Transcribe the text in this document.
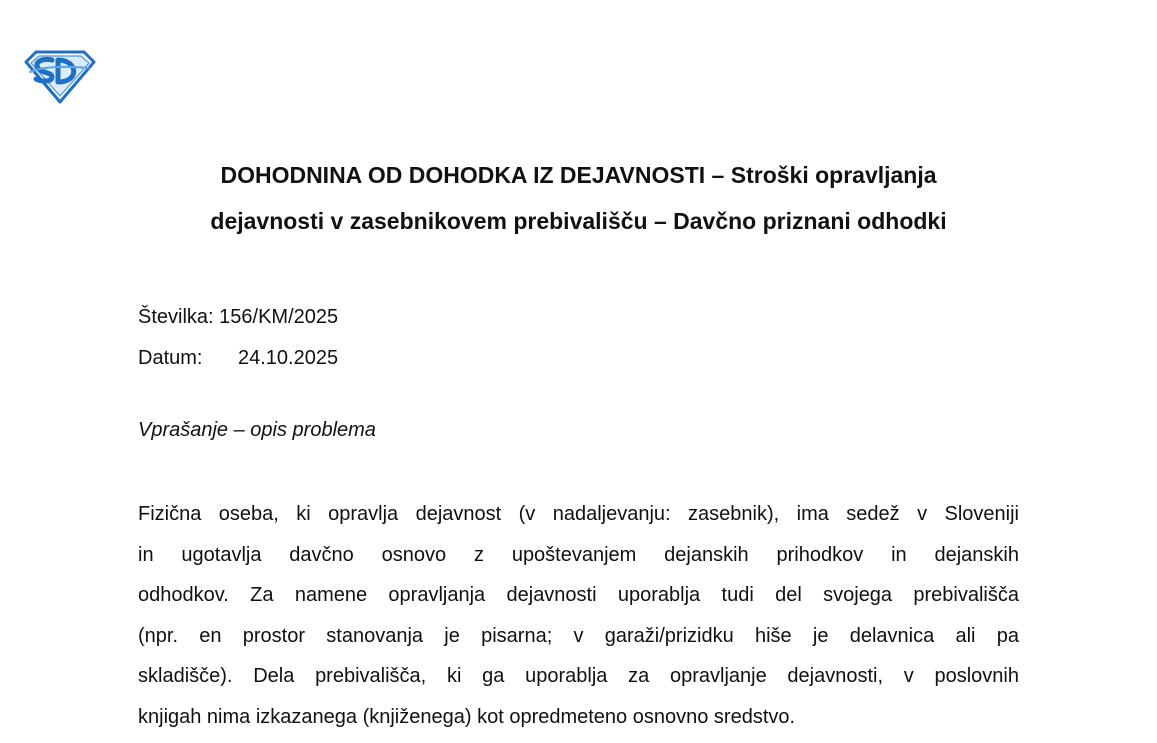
DOHODNINA OD DOHODKA IZ DEJAVNOSTI – Stroški opravljanja
dejavnosti v zasebnikovem prebivališču – Davčno priznani odhodki
Številka: 156/KM/2025
Datum: 24.10.2025
Vprašanje – opis problema
Fizična oseba, ki opravlja dejavnost (v nadaljevanju: zasebnik), ima sedež v Sloveniji
in ugotavlja davčno osnovo z upoštevanjem dejanskih prihodkov in dejanskih
odhodkov. Za namene opravljanja dejavnosti uporablja tudi del svojega prebivališča
(npr. en prostor stanovanja je pisarna; v garaži/prizidku hiše je delavnica ali pa
skladišče). Dela prebivališča, ki ga uporablja za opravljanje dejavnosti, v poslovnih
knjigah nima izkazanega (knjiženega) kot opredmeteno osnovno sredstvo.
